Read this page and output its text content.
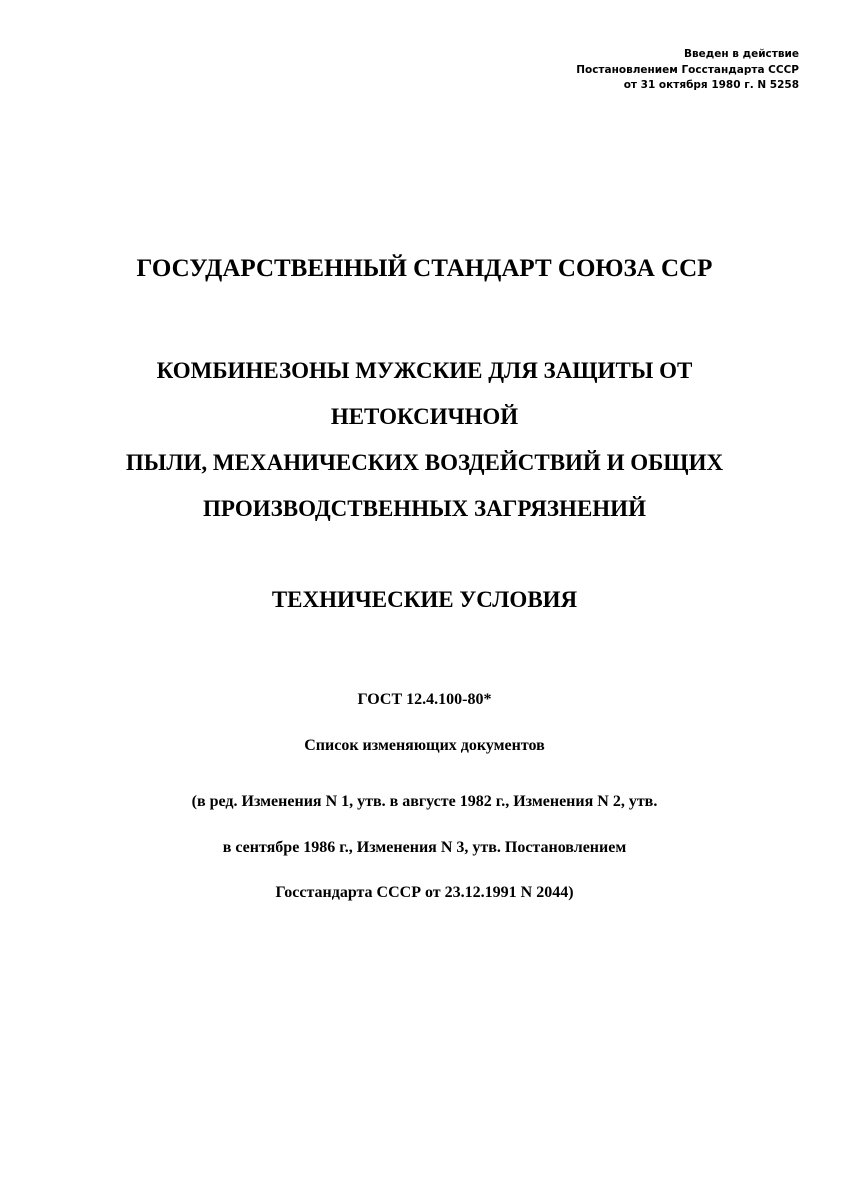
Введен в действие
Постановлением Госстандарта СССР
от 31 октября 1980 г. N 5258
ГОСУДАРСТВЕННЫЙ СТАНДАРТ СОЮЗА ССР
КОМБИНЕЗОНЫ МУЖСКИЕ ДЛЯ ЗАЩИТЫ ОТ
НЕТОКСИЧНОЙ
ПЫЛИ, МЕХАНИЧЕСКИХ ВОЗДЕЙСТВИЙ И ОБЩИХ
ПРОИЗВОДСТВЕННЫХ ЗАГРЯЗНЕНИЙ
ТЕХНИЧЕСКИЕ УСЛОВИЯ
ГОСТ 12.4.100-80*
Список изменяющих документов
(в ред. Изменения N 1, утв. в августе 1982 г., Изменения N 2, утв.
в сентябре 1986 г., Изменения N 3, утв. Постановлением
Госстандарта СССР от 23.12.1991 N 2044)
